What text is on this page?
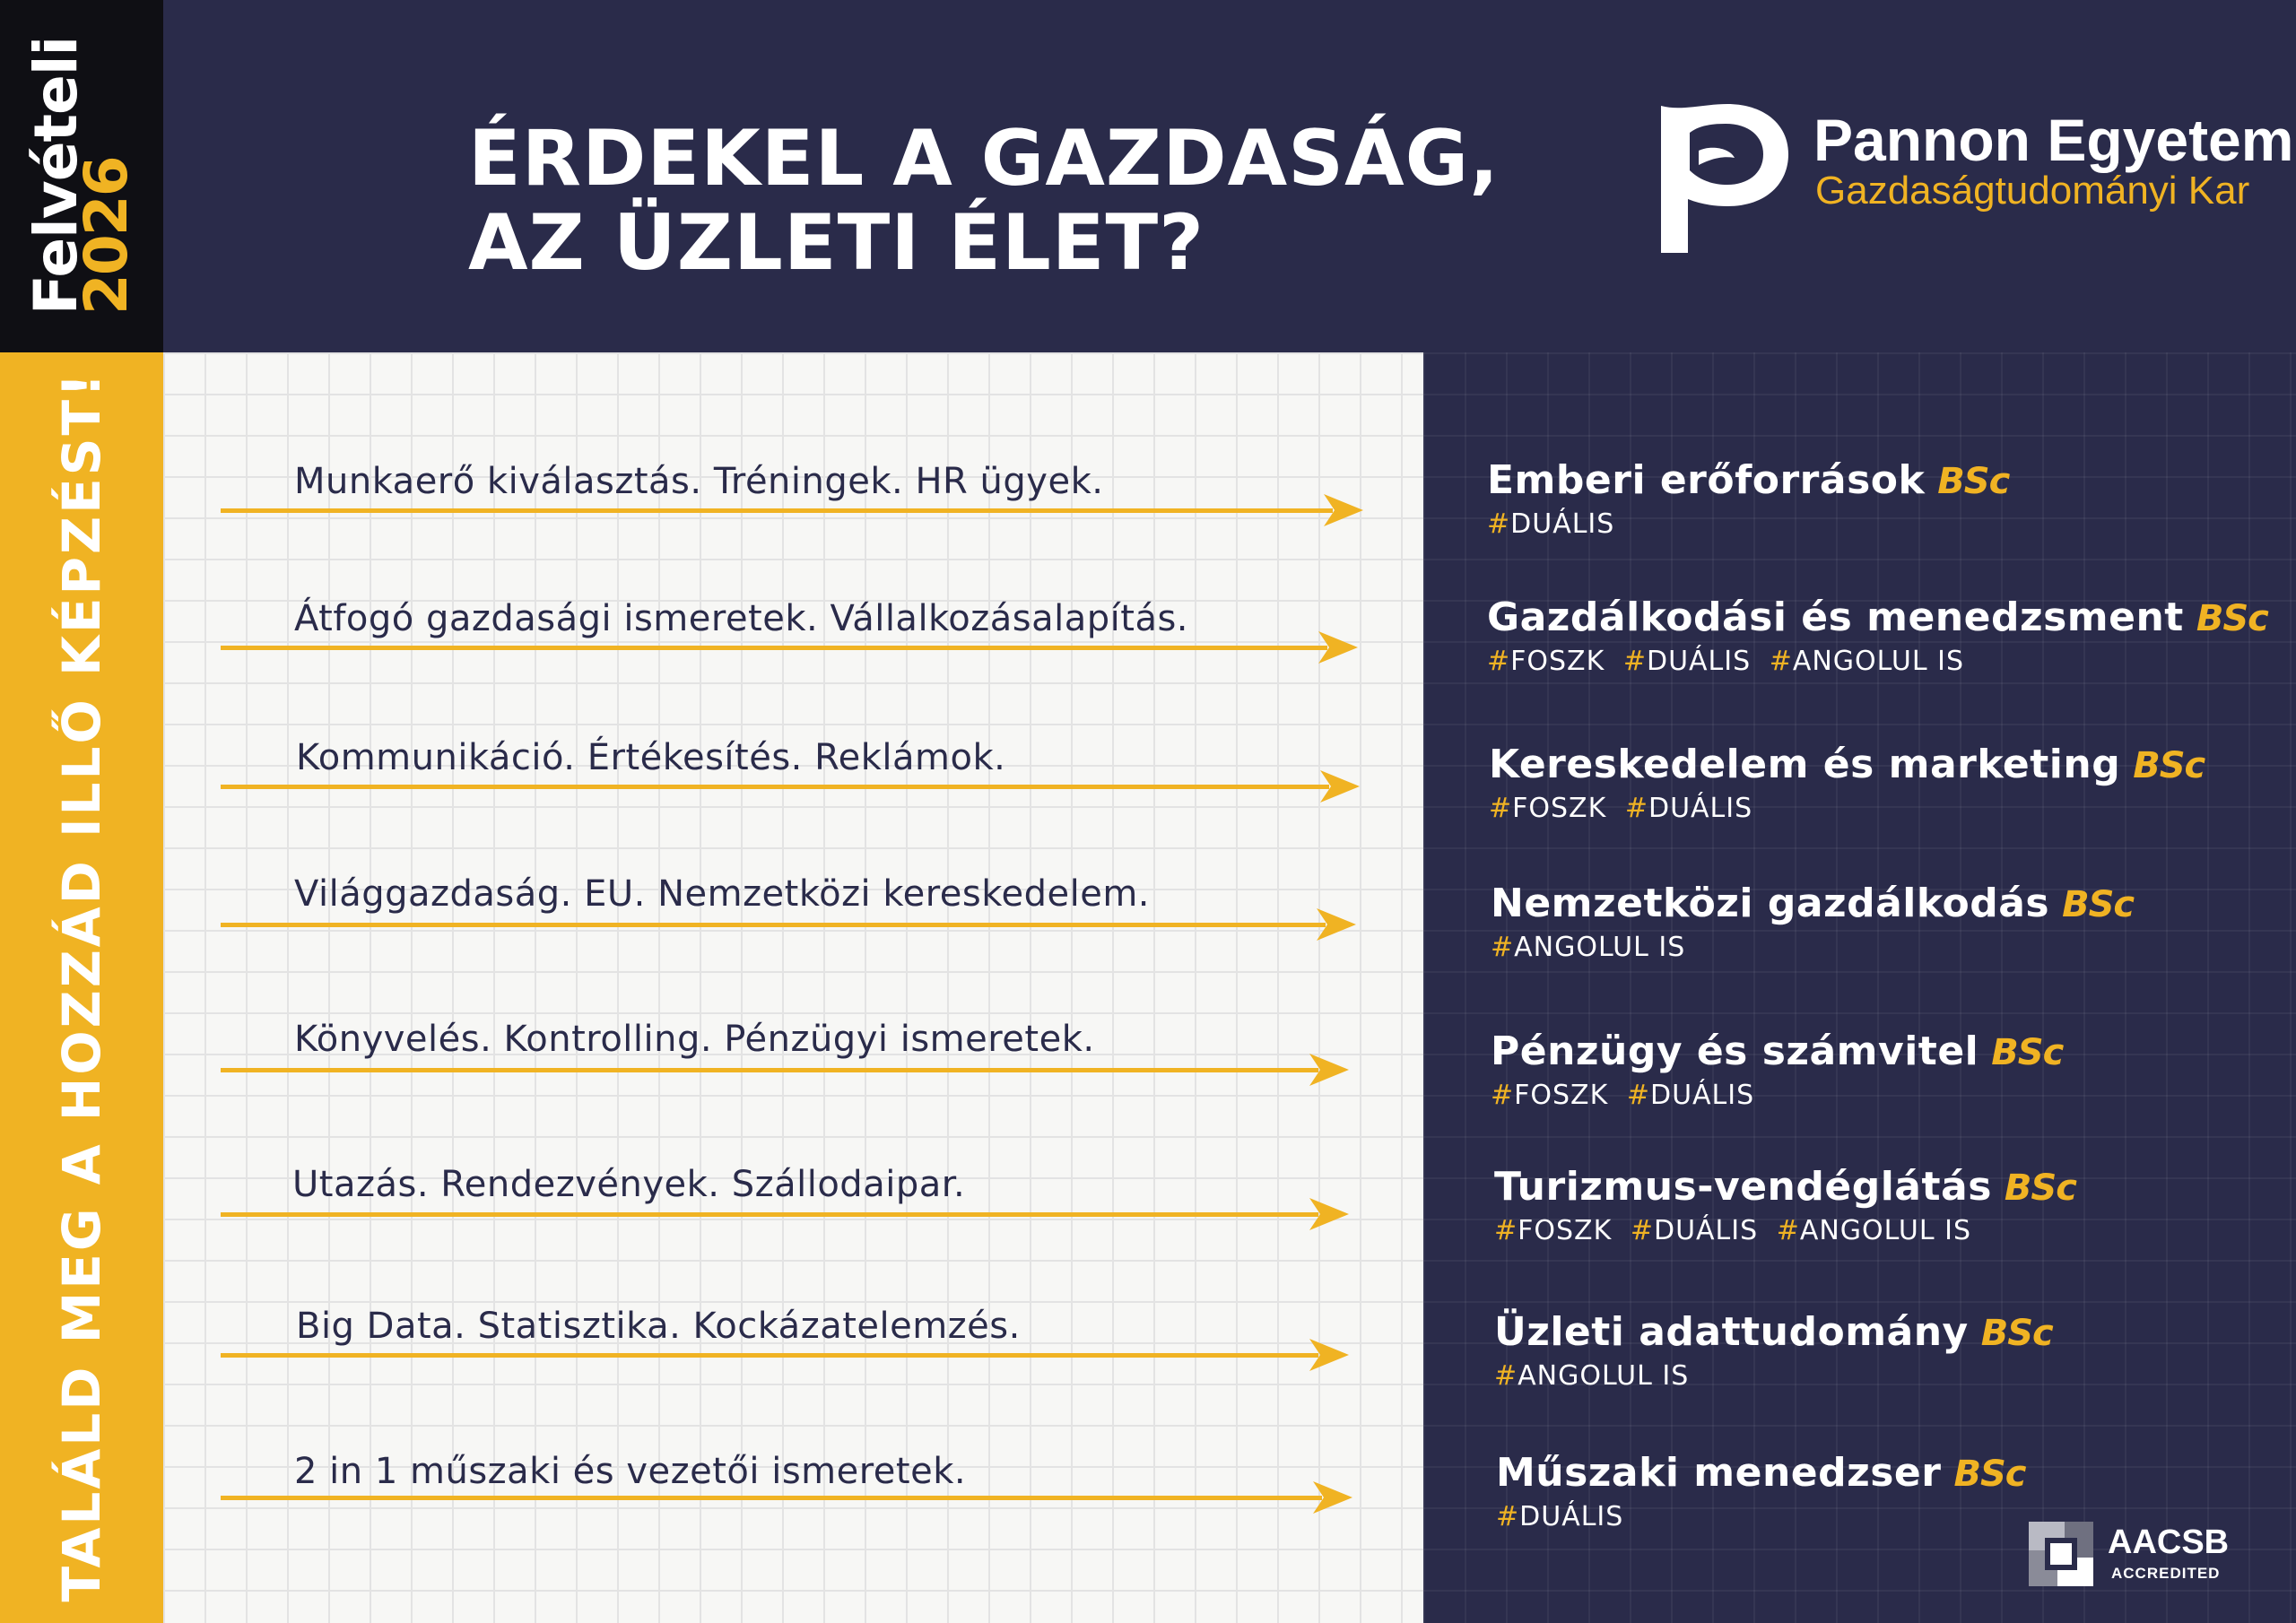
Felvételi
2026
TALÁLD MEG A HOZZÁD ILLŐ KÉPZÉST!
ÉRDEKEL A GAZDASÁG,
AZ ÜZLETI ÉLET?
Pannon Egyetem
Gazdaságtudományi Kar
Munkaerő kiválasztás. Tréningek. HR ügyek.	Emberi erőforrások BSc
#DUÁLIS
Átfogó gazdasági ismeretek. Vállalkozásalapítás.	Gazdálkodási és menedzsment BSc
#FOSZK #DUÁLIS #ANGOLUL IS
Kommunikáció. Értékesítés. Reklámok.	Kereskedelem és marketing BSc
#FOSZK #DUÁLIS
Világgazdaság. EU. Nemzetközi kereskedelem.	Nemzetközi gazdálkodás BSc
#ANGOLUL IS
Könyvelés. Kontrolling. Pénzügyi ismeretek.	Pénzügy és számvitel BSc
#FOSZK #DUÁLIS
Utazás. Rendezvények. Szállodaipar.	Turizmus-vendéglátás BSc
#FOSZK #DUÁLIS #ANGOLUL IS
Big Data. Statisztika. Kockázatelemzés.	Üzleti adattudomány BSc
#ANGOLUL IS
2 in 1 műszaki és vezetői ismeretek.	Műszaki menedzser BSc
#DUÁLIS
AACSB
ACCREDITED
